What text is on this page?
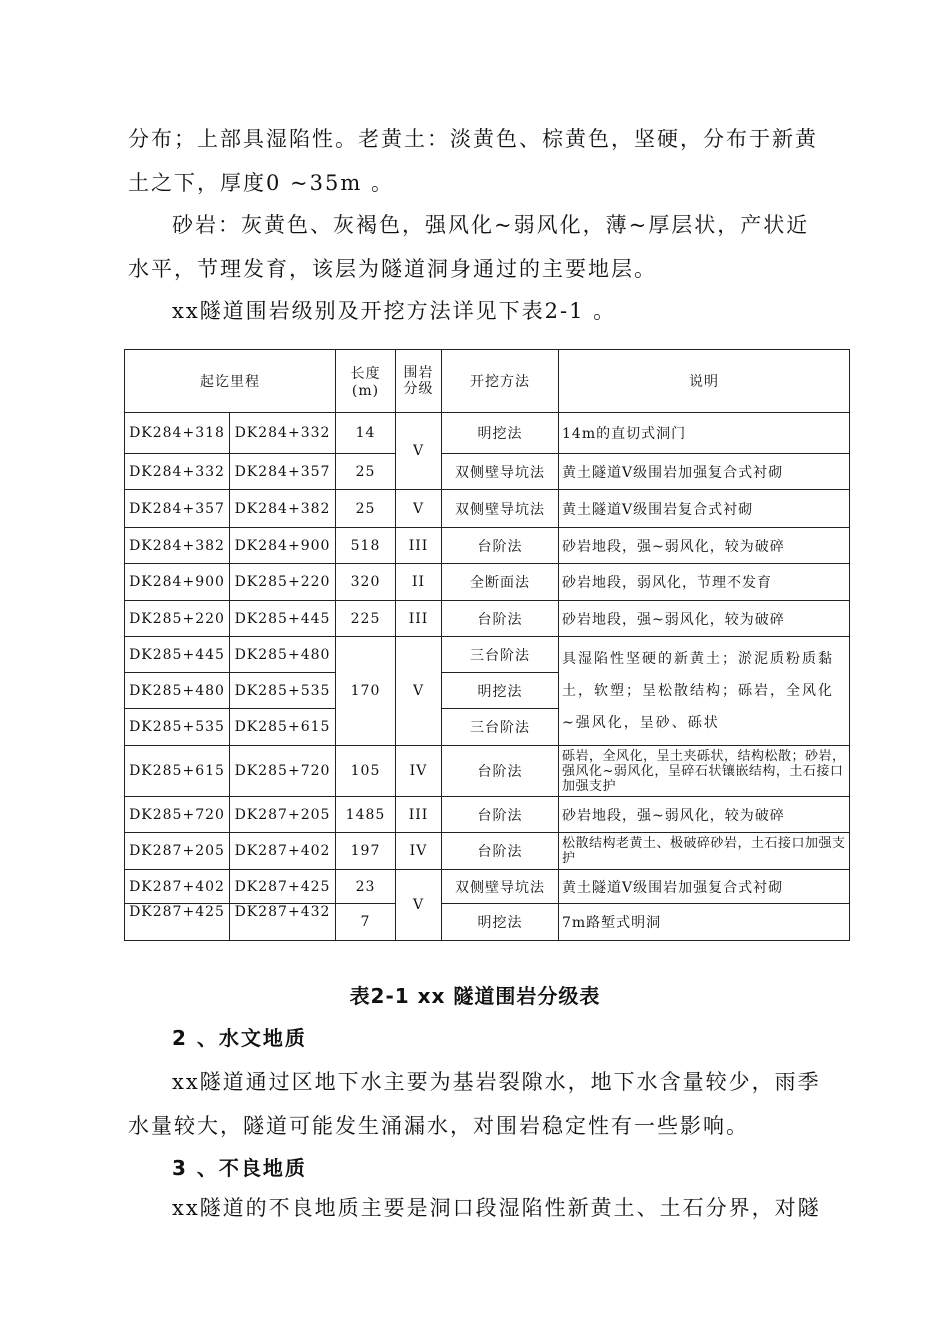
分布；上部具湿陷性。老黄土：淡黄色、棕黄色，坚硬，分布于新黄土之下，厚度0 ~35m 。

砂岩：灰黄色、灰褐色，强风化~弱风化，薄~厚层状，产状近水平，节理发育，该层为隧道洞身通过的主要地层。

xx隧道围岩级别及开挖方法详见下表2-1 。

起讫里程		长度(m)	围岩分级	开挖方法	说明
DK284+318	DK284+332	14	V	明挖法	14m的直切式洞门
DK284+332	DK284+357	25		双侧壁导坑法	黄土隧道V级围岩加强复合式衬砌
DK284+357	DK284+382	25	V	双侧壁导坑法	黄土隧道V级围岩复合式衬砌
DK284+382	DK284+900	518	III	台阶法	砂岩地段，强~弱风化，较为破碎
DK284+900	DK285+220	320	II	全断面法	砂岩地段，弱风化，节理不发育
DK285+220	DK285+445	225	III	台阶法	砂岩地段，强~弱风化，较为破碎
DK285+445	DK285+480	170	V	三台阶法	具湿陷性坚硬的新黄土；淤泥质粉质黏土，软塑；呈松散结构；砾岩，全风化~强风化，呈砂、砾状
DK285+480	DK285+535			明挖法	
DK285+535	DK285+615			三台阶法	
DK285+615	DK285+720	105	IV	台阶法	砾岩，全风化，呈土夹砾状，结构松散；砂岩，强风化~弱风化，呈碎石状镶嵌结构，土石接口加强支护
DK285+720	DK287+205	1485	III	台阶法	砂岩地段，强~弱风化，较为破碎
DK287+205	DK287+402	197	IV	台阶法	松散结构老黄土、极破碎砂岩，土石接口加强支护
DK287+402	DK287+425	23	V	双侧壁导坑法	黄土隧道V级围岩加强复合式衬砌
DK287+425	DK287+432	7		明挖法	7m路堑式明洞
表2-1 xx 隧道围岩分级表
2 、水文地质

xx隧道通过区地下水主要为基岩裂隙水，地下水含量较少，雨季水量较大，隧道可能发生涌漏水，对围岩稳定性有一些影响。

3 、不良地质

xx隧道的不良地质主要是洞口段湿陷性新黄土、土石分界，对隧
